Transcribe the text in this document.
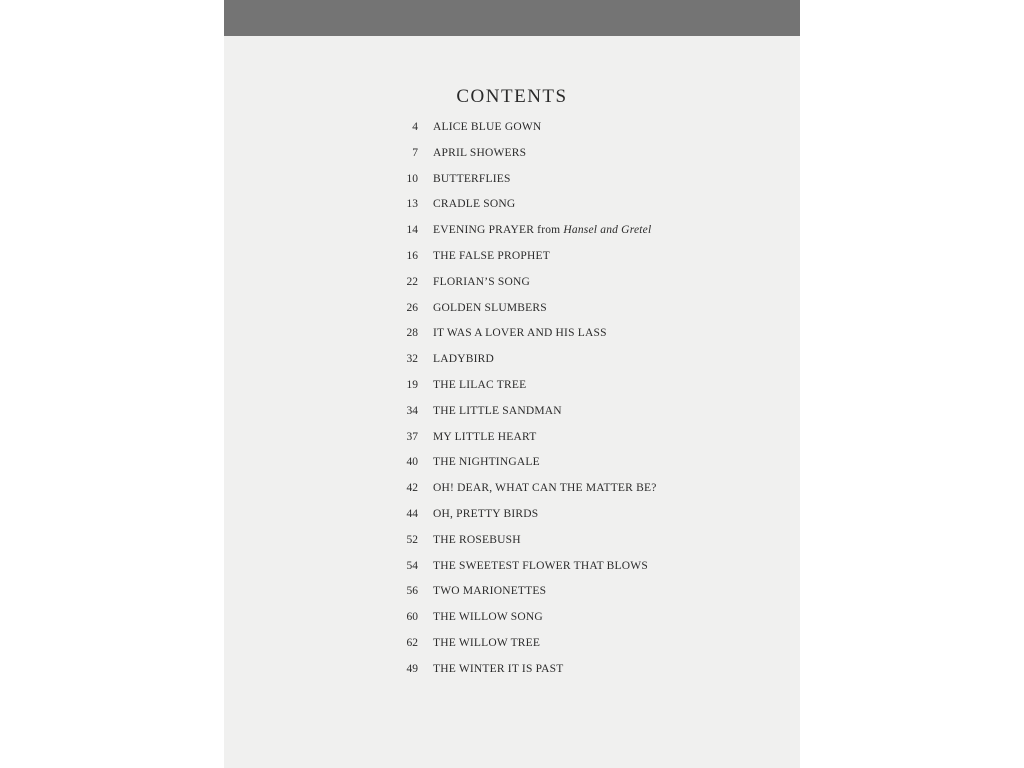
CONTENTS
4 ALICE BLUE GOWN
7 APRIL SHOWERS
10 BUTTERFLIES
13 CRADLE SONG
14 EVENING PRAYER from Hansel and Gretel
16 THE FALSE PROPHET
22 FLORIAN’S SONG
26 GOLDEN SLUMBERS
28 IT WAS A LOVER AND HIS LASS
32 LADYBIRD
19 THE LILAC TREE
34 THE LITTLE SANDMAN
37 MY LITTLE HEART
40 THE NIGHTINGALE
42 OH! DEAR, WHAT CAN THE MATTER BE?
44 OH, PRETTY BIRDS
52 THE ROSEBUSH
54 THE SWEETEST FLOWER THAT BLOWS
56 TWO MARIONETTES
60 THE WILLOW SONG
62 THE WILLOW TREE
49 THE WINTER IT IS PAST
